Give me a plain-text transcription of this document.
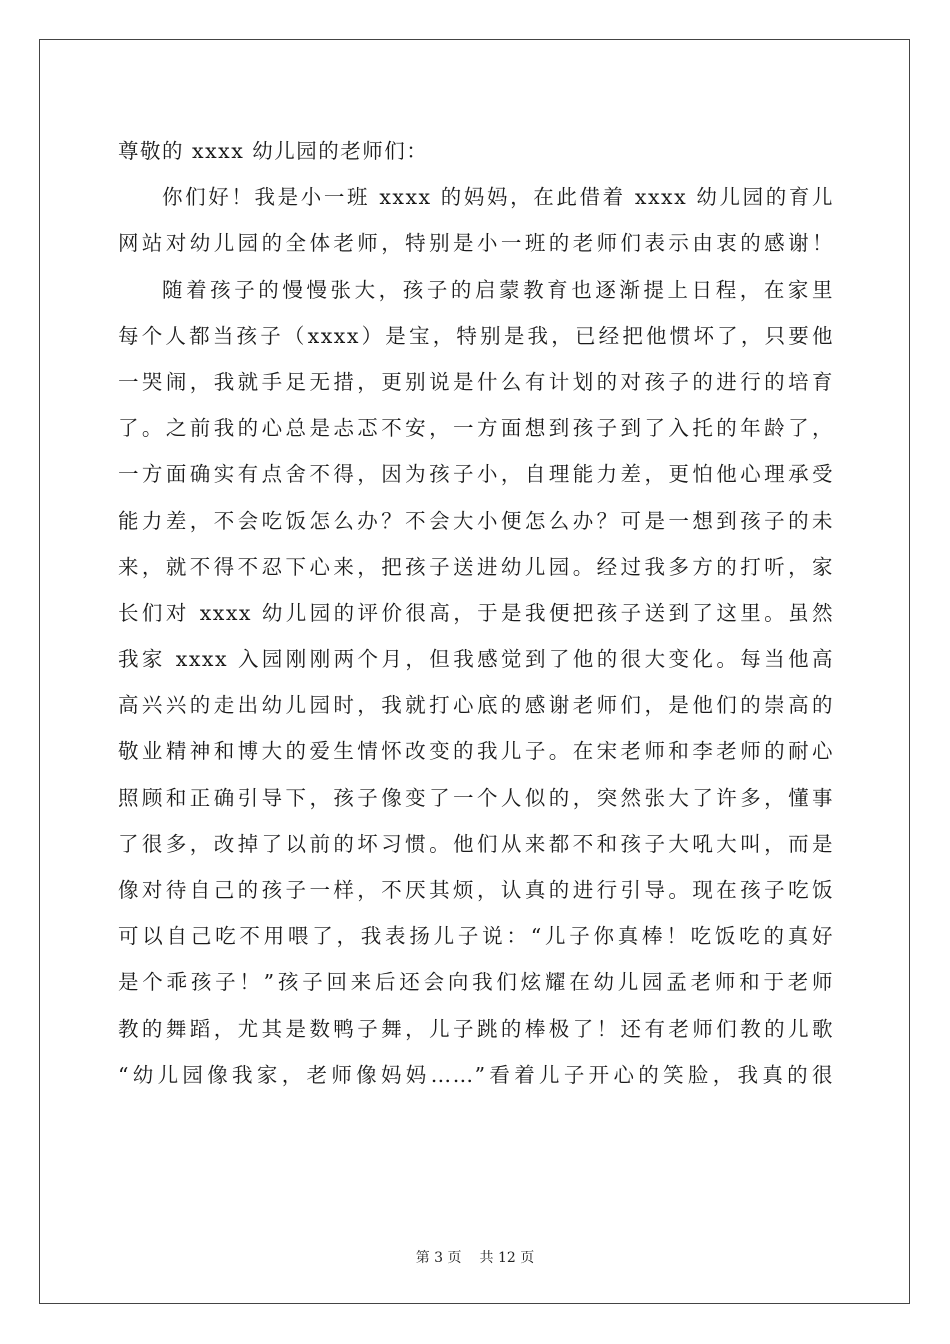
尊敬的 xxxx 幼儿园的老师们：
你们好！我是小一班 xxxx 的妈妈，在此借着 xxxx 幼儿园的育儿
网站对幼儿园的全体老师，特别是小一班的老师们表示由衷的感谢！
随着孩子的慢慢张大，孩子的启蒙教育也逐渐提上日程，在家里
每个人都当孩子（xxxx）是宝，特别是我，已经把他惯坏了，只要他
一哭闹，我就手足无措，更别说是什么有计划的对孩子的进行的培育
了。之前我的心总是忐忑不安，一方面想到孩子到了入托的年龄了，
一方面确实有点舍不得，因为孩子小，自理能力差，更怕他心理承受
能力差，不会吃饭怎么办？不会大小便怎么办？可是一想到孩子的未
来，就不得不忍下心来，把孩子送进幼儿园。经过我多方的打听，家
长们对 xxxx 幼儿园的评价很高，于是我便把孩子送到了这里。虽然
我家 xxxx 入园刚刚两个月，但我感觉到了他的很大变化。每当他高
高兴兴的走出幼儿园时，我就打心底的感谢老师们，是他们的崇高的
敬业精神和博大的爱生情怀改变的我儿子。在宋老师和李老师的耐心
照顾和正确引导下，孩子像变了一个人似的，突然张大了许多，懂事
了很多，改掉了以前的坏习惯。他们从来都不和孩子大吼大叫，而是
像对待自己的孩子一样，不厌其烦，认真的进行引导。现在孩子吃饭
可以自己吃不用喂了，我表扬儿子说：“儿子你真棒！吃饭吃的真好
是个乖孩子！”孩子回来后还会向我们炫耀在幼儿园孟老师和于老师
教的舞蹈，尤其是数鸭子舞，儿子跳的棒极了！还有老师们教的儿歌
“幼儿园像我家，老师像妈妈……”看着儿子开心的笑脸，我真的很
第 3 页 共 12 页
